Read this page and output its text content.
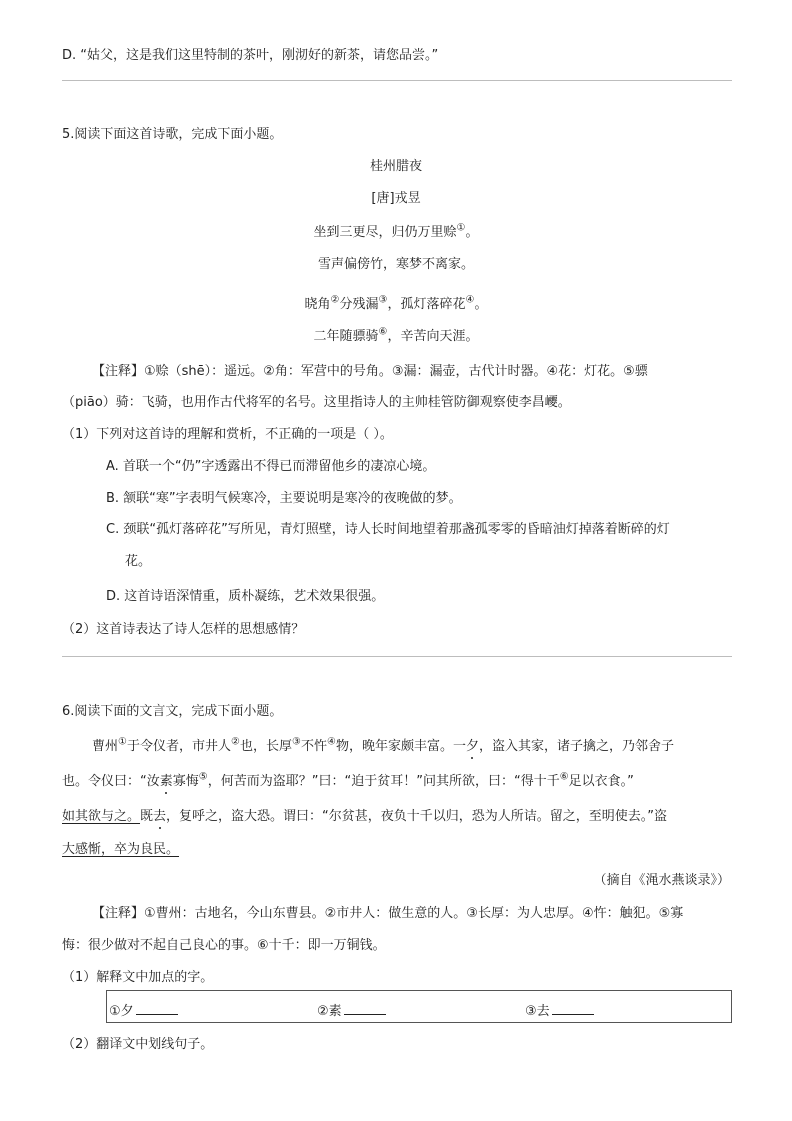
D. “姑父，这是我们这里特制的茶叶，刚沏好的新茶，请您品尝。”
5.阅读下面这首诗歌，完成下面小题。
桂州腊夜
[唐]戎昱
坐到三更尽，归仍万里赊①。
雪声偏傍竹，寒梦不离家。
晓角②分残漏③，孤灯落碎花④。
二年随骠骑⑥，辛苦向天涯。
【注释】①赊（shē）：遥远。②角：军营中的号角。③漏：漏壶，古代计时器。④花：灯花。⑤骠
（piāo）骑：飞骑，也用作古代将军的名号。这里指诗人的主帅桂管防御观察使李昌巎。
（1）下列对这首诗的理解和赏析，不正确的一项是（ ）。
A. 首联一个“仍”字透露出不得已而滞留他乡的凄凉心境。
B. 颔联“寒”字表明气候寒冷，主要说明是寒冷的夜晚做的梦。
C. 颈联“孤灯落碎花”写所见，青灯照壁，诗人长时间地望着那盏孤零零的昏暗油灯掉落着断碎的灯
花。
D. 这首诗语深情重，质朴凝练，艺术效果很强。
（2）这首诗表达了诗人怎样的思想感情？
6.阅读下面的文言文，完成下面小题。
曹州①于令仪者，市井人②也，长厚③不忤④物，晚年家颇丰富。一夕，盗入其家，诸子擒之，乃邻舍子
也。令仪曰：“汝素寡悔⑤，何苦而为盗耶？”曰：“迫于贫耳！”问其所欲，曰：“得十千⑥足以衣食。”
如其欲与之。既去，复呼之，盗大恐。谓曰：“尔贫甚，夜负十千以归，恐为人所诘。留之，至明使去。”盗
大感惭，卒为良民。
（摘自《渑水燕谈录》）
【注释】①曹州：古地名，今山东曹县。②市井人：做生意的人。③长厚：为人忠厚。④忤：触犯。⑤寡
悔：很少做对不起自己良心的事。⑥十千：即一万铜钱。
（1）解释文中加点的字。
①夕	②素	③去
（2）翻译文中划线句子。
